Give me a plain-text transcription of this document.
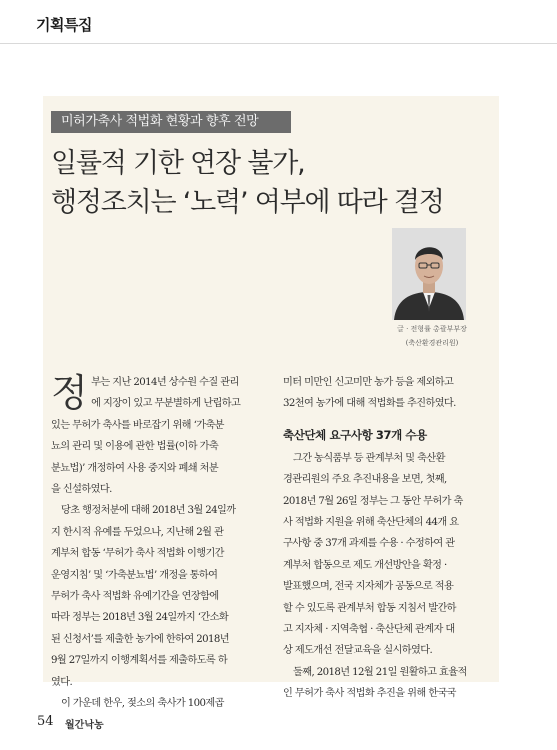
기획특집
미허가축사 적법화 현황과 향후 전망
일률적 기한 연장 불가,
행정조치는 ‘노력’ 여부에 따라 결정
글 · 전형률 총괄부부장
(축산환경관리원)

정 부는 지난 2014년 상수원 수질 관리
에 지장이 있고 무분별하게 난립하고

있는 무허가 축사를 바로잡기 위해 ‘가축분
뇨의 관리 및 이용에 관한 법률(이하 가축
분뇨법)’ 개정하여 사용 중지와 폐쇄 처분
을 신설하였다.
당초 행정처분에 대해 2018년 3월 24일까
지 한시적 유예를 두었으나, 지난해 2월 관
계부처 합동 ‘무허가 축사 적법화 이행기간
운영지침’ 및 ‘가축분뇨법’ 개정을 통하여
무허가 축사 적법화 유예기간을 연장함에
따라 정부는 2018년 3월 24일까지 ‘간소화
된 신청서’를 제출한 농가에 한하여 2018년
9월 27일까지 이행계획서를 제출하도록 하
였다.
이 가운데 한우, 젖소의 축사가 100제곱
미터 미만인 신고미만 농가 등을 제외하고
32천여 농가에 대해 적법화를 추진하였다.

축산단체 요구사항 37개 수용

그간 농식품부 등 관계부처 및 축산환
경관리원의 주요 추진내용을 보면, 첫째,
2018년 7월 26일 정부는 그 동안 무허가 축
사 적법화 지원을 위해 축산단체의 44개 요
구사항 중 37개 과제를 수용 · 수정하여 관
계부처 합동으로 제도 개선방안을 확정 ·
발표했으며, 전국 지자체가 공동으로 적용
할 수 있도록 관계부처 합동 지침서 발간하
고 지자체 · 지역축협 · 축산단체 관계자 대
상 제도개선 전달교육을 실시하였다.
둘째, 2018년 12월 21일 원활하고 효율적
인 무허가 축사 적법화 추진을 위해 한국국
54 월간낙농
